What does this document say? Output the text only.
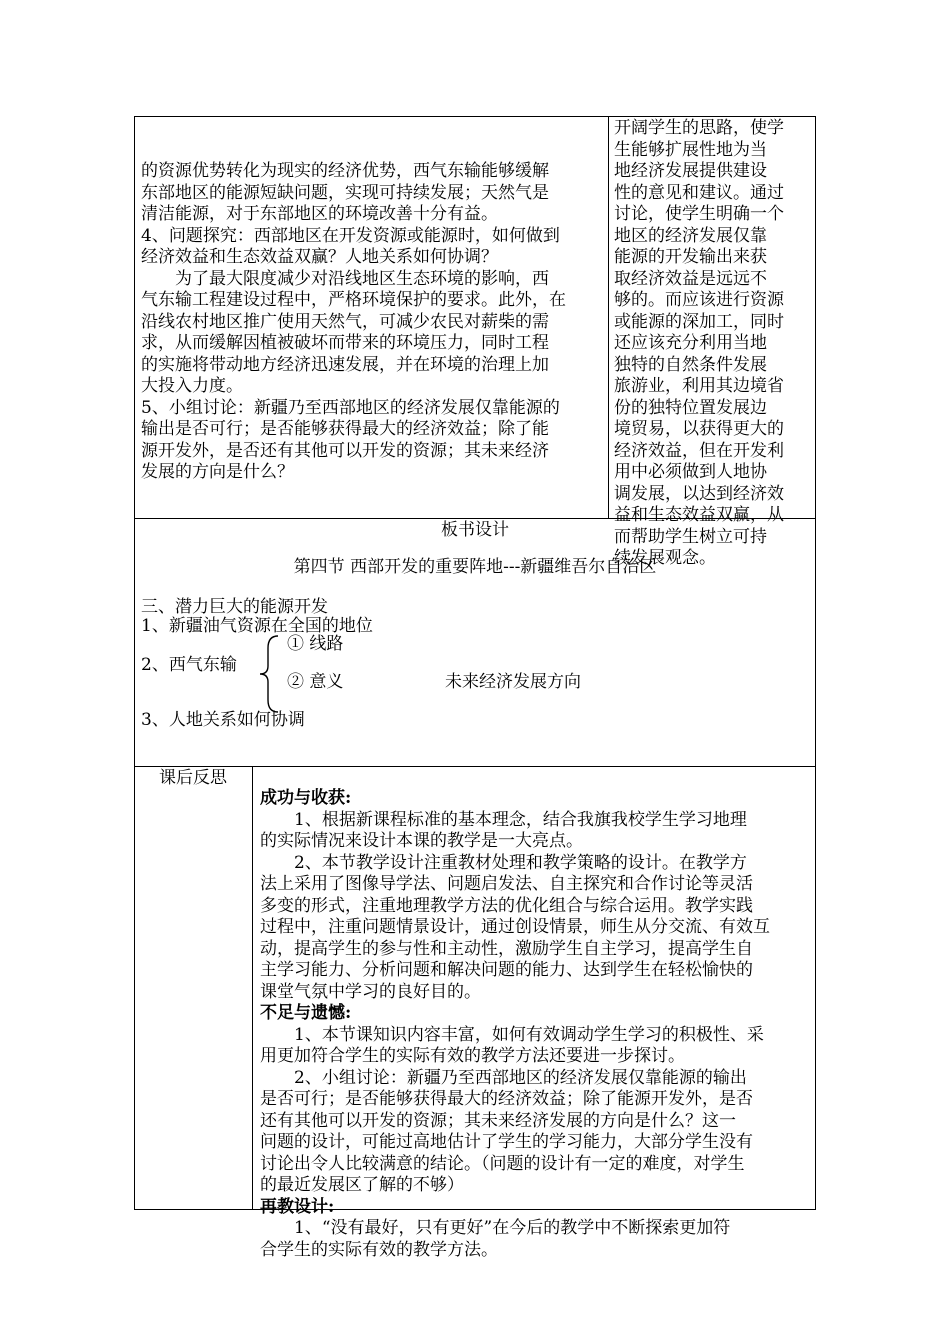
的资源优势转化为现实的经济优势，西气东输能够缓解

东部地区的能源短缺问题，实现可持续发展；天然气是

清洁能源，对于东部地区的环境改善十分有益。

4、问题探究：西部地区在开发资源或能源时，如何做到

经济效益和生态效益双赢？人地关系如何协调？

为了最大限度减少对沿线地区生态环境的影响，西

气东输工程建设过程中，严格环境保护的要求。此外，在

沿线农村地区推广使用天然气，可减少农民对薪柴的需

求，从而缓解因植被破坏而带来的环境压力，同时工程

的实施将带动地方经济迅速发展，并在环境的治理上加

大投入力度。

5、小组讨论：新疆乃至西部地区的经济发展仅靠能源的

输出是否可行；是否能够获得最大的经济效益；除了能

源开发外，是否还有其他可以开发的资源；其未来经济

发展的方向是什么？

开阔学生的思路，使学

生能够扩展性地为当

地经济发展提供建设

性的意见和建议。通过

讨论，使学生明确一个

地区的经济发展仅靠

能源的开发输出来获

取经济效益是远远不

够的。而应该进行资源

或能源的深加工，同时

还应该充分利用当地

独特的自然条件发展

旅游业，利用其边境省

份的独特位置发展边

境贸易，以获得更大的

经济效益，但在开发利

用中必须做到人地协

调发展，以达到经济效

益和生态效益双赢，从

而帮助学生树立可持

续发展观念。

板书设计
第四节 西部开发的重要阵地---新疆维吾尔自治区
三、潜力巨大的能源开发
1、新疆油气资源在全国的地位
2、西气东输
① 线路
② 意义	未来经济发展方向
3、人地关系如何协调
课后反思

成功与收获:

1、根据新课程标准的基本理念，结合我旗我校学生学习地理

的实际情况来设计本课的教学是一大亮点。

2、本节教学设计注重教材处理和教学策略的设计。在教学方

法上采用了图像导学法、问题启发法、自主探究和合作讨论等灵活

多变的形式，注重地理教学方法的优化组合与综合运用。教学实践

过程中，注重问题情景设计，通过创设情景，师生从分交流、有效互

动，提高学生的参与性和主动性，激励学生自主学习，提高学生自

主学习能力、分析问题和解决问题的能力、达到学生在轻松愉快的

课堂气氛中学习的良好目的。

不足与遗憾:

1、本节课知识内容丰富，如何有效调动学生学习的积极性、采

用更加符合学生的实际有效的教学方法还要进一步探讨。

2、小组讨论：新疆乃至西部地区的经济发展仅靠能源的输出

是否可行；是否能够获得最大的经济效益；除了能源开发外，是否

还有其他可以开发的资源；其未来经济发展的方向是什么？这一

问题的设计，可能过高地估计了学生的学习能力，大部分学生没有

讨论出令人比较满意的结论。（问题的设计有一定的难度，对学生

的最近发展区了解的不够）

再教设计:

1、“没有最好，只有更好”在今后的教学中不断探索更加符

合学生的实际有效的教学方法。
